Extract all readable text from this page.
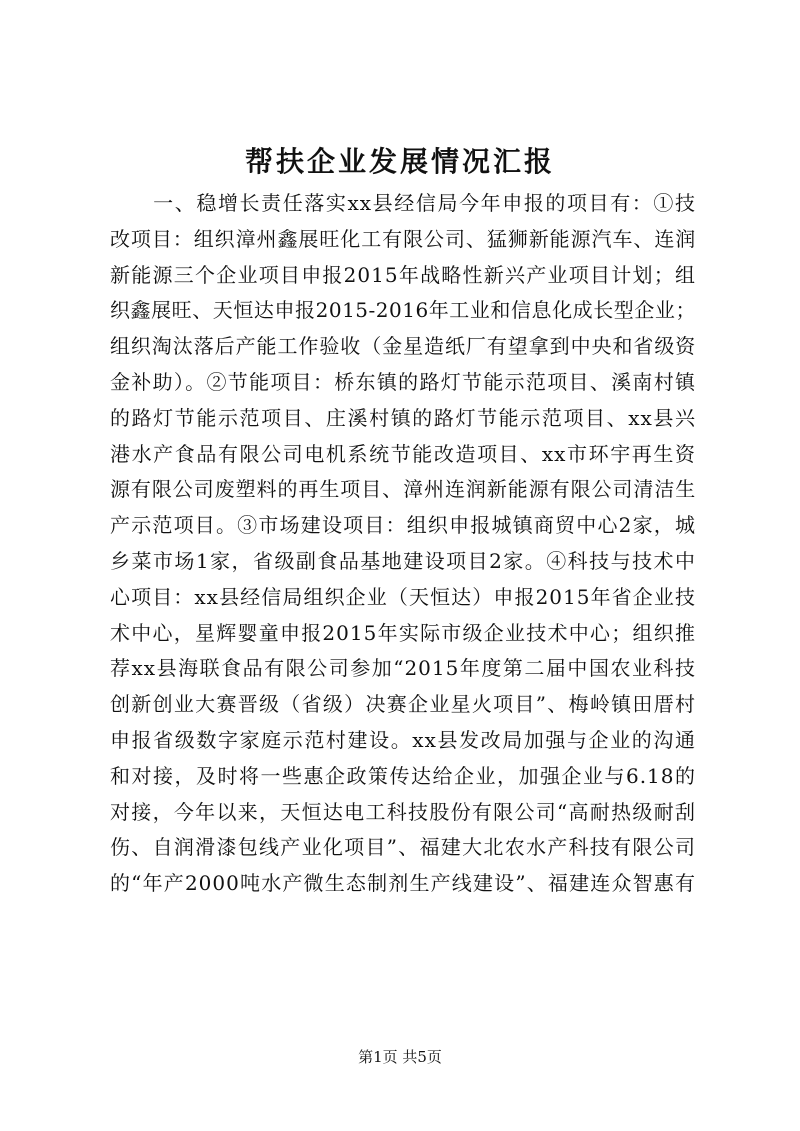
帮扶企业发展情况汇报
　　一、稳增长责任落实xx县经信局今年申报的项目有：①技
改项目：组织漳州鑫展旺化工有限公司、猛狮新能源汽车、连润
新能源三个企业项目申报2015年战略性新兴产业项目计划；组
织鑫展旺、天恒达申报2015-2016年工业和信息化成长型企业；
组织淘汰落后产能工作验收（金星造纸厂有望拿到中央和省级资
金补助）。②节能项目：桥东镇的路灯节能示范项目、溪南村镇
的路灯节能示范项目、庄溪村镇的路灯节能示范项目、xx县兴
港水产食品有限公司电机系统节能改造项目、xx市环宇再生资
源有限公司废塑料的再生项目、漳州连润新能源有限公司清洁生
产示范项目。③市场建设项目：组织申报城镇商贸中心2家，城
乡菜市场1家，省级副食品基地建设项目2家。④科技与技术中
心项目：xx县经信局组织企业（天恒达）申报2015年省企业技
术中心，星辉婴童申报2015年实际市级企业技术中心；组织推
荐xx县海联食品有限公司参加“2015年度第二届中国农业科技
创新创业大赛晋级（省级）决赛企业星火项目”、梅岭镇田厝村
申报省级数字家庭示范村建设。xx县发改局加强与企业的沟通
和对接，及时将一些惠企政策传达给企业，加强企业与6.18的
对接，今年以来，天恒达电工科技股份有限公司“高耐热级耐刮
伤、自润滑漆包线产业化项目”、福建大北农水产科技有限公司
的“年产2000吨水产微生态制剂生产线建设”、福建连众智惠有
第1页 共5页
